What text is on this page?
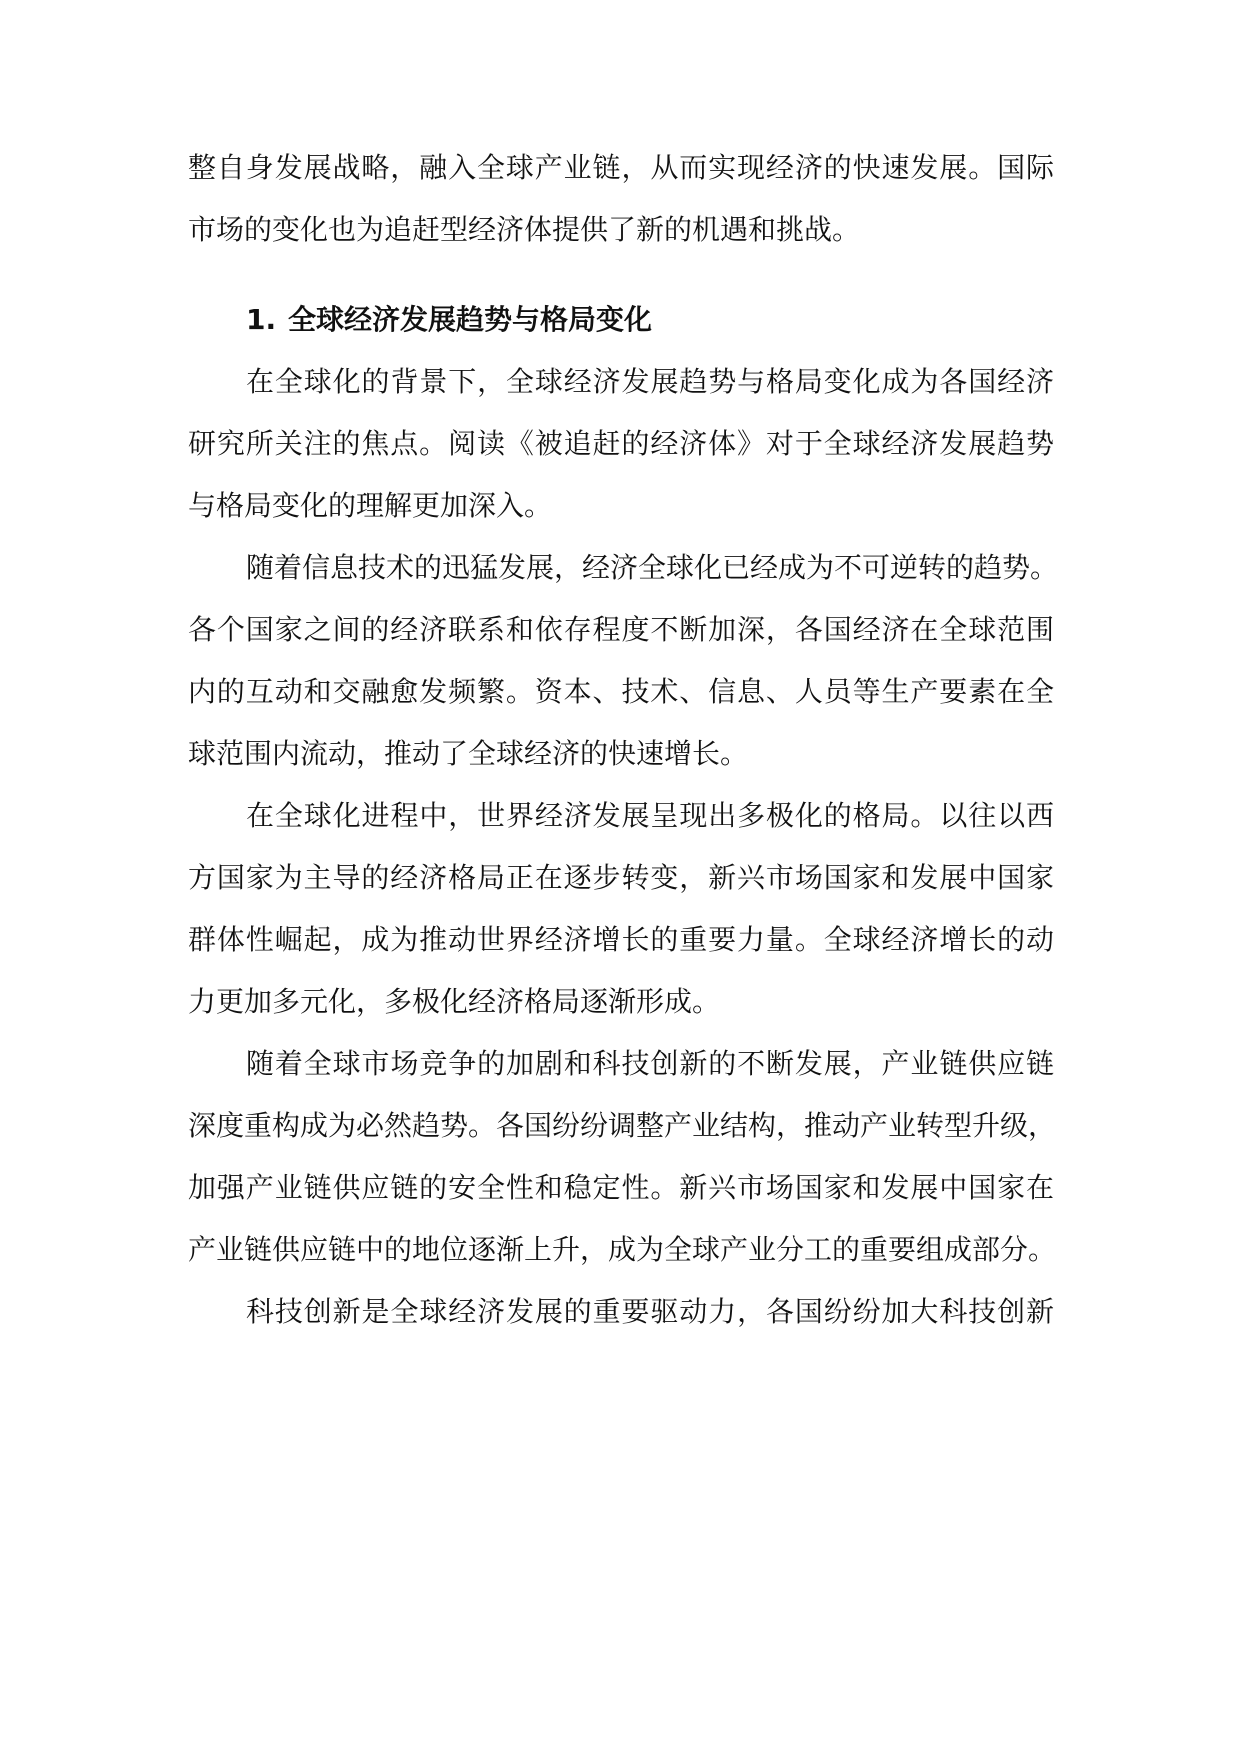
整自身发展战略，融入全球产业链，从而实现经济的快速发展。国际
市场的变化也为追赶型经济体提供了新的机遇和挑战。
1. 全球经济发展趋势与格局变化
在全球化的背景下，全球经济发展趋势与格局变化成为各国经济
研究所关注的焦点。阅读《被追赶的经济体》对于全球经济发展趋势
与格局变化的理解更加深入。
随着信息技术的迅猛发展，经济全球化已经成为不可逆转的趋势。
各个国家之间的经济联系和依存程度不断加深，各国经济在全球范围
内的互动和交融愈发频繁。资本、技术、信息、人员等生产要素在全
球范围内流动，推动了全球经济的快速增长。
在全球化进程中，世界经济发展呈现出多极化的格局。以往以西
方国家为主导的经济格局正在逐步转变，新兴市场国家和发展中国家
群体性崛起，成为推动世界经济增长的重要力量。全球经济增长的动
力更加多元化，多极化经济格局逐渐形成。
随着全球市场竞争的加剧和科技创新的不断发展，产业链供应链
深度重构成为必然趋势。各国纷纷调整产业结构，推动产业转型升级，
加强产业链供应链的安全性和稳定性。新兴市场国家和发展中国家在
产业链供应链中的地位逐渐上升，成为全球产业分工的重要组成部分。
科技创新是全球经济发展的重要驱动力，各国纷纷加大科技创新
